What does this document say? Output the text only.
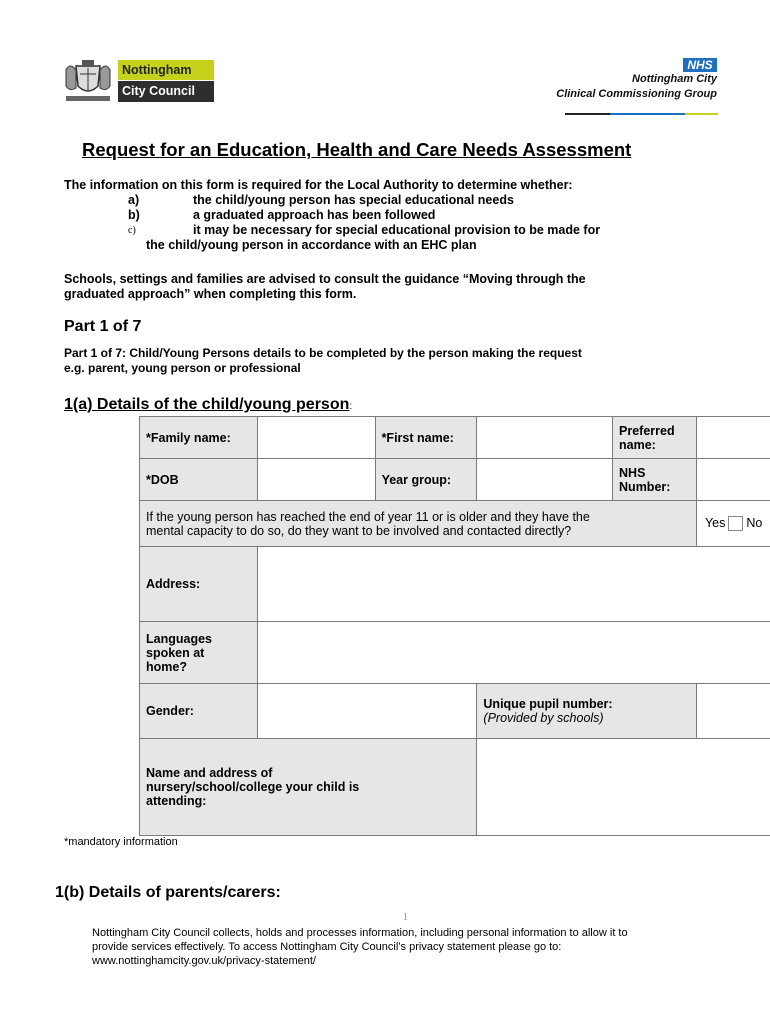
Nottingham
City Council
NHS
Nottingham City
Clinical Commissioning Group
Request for an Education, Health and Care Needs Assessment
The information on this form is required for the Local Authority to determine whether:
a)	the child/young person has special educational needs
b)	a graduated approach has been followed
c)	it may be necessary for special educational provision to be made for
the child/young person in accordance with an EHC plan
Schools, settings and families are advised to consult the guidance “Moving through the
graduated approach” when completing this form.
Part 1 of 7
Part 1 of 7: Child/Young Persons details to be completed by the person making the request
e.g. parent, young person or professional
1(a) Details of the child/young person:
*Family name:		*First name:		Preferred
name:	
*DOB		Year group:		NHS
Number:	
If the young person has reached the end of year 11 or is older and they have the
mental capacity to do so, do they want to be involved and contacted directly?					Yes No
Address:					
Languages
spoken at
home?					
Gender:			Unique pupil number:
(Provided by schools)		
Name and address of
nursery/school/college your child is
attending:					
*mandatory information
1(b) Details of parents/carers:
1
Nottingham City Council collects, holds and processes information, including personal information to allow it to
provide services effectively. To access Nottingham City Council’s privacy statement please go to:
www.nottinghamcity.gov.uk/privacy-statement/
